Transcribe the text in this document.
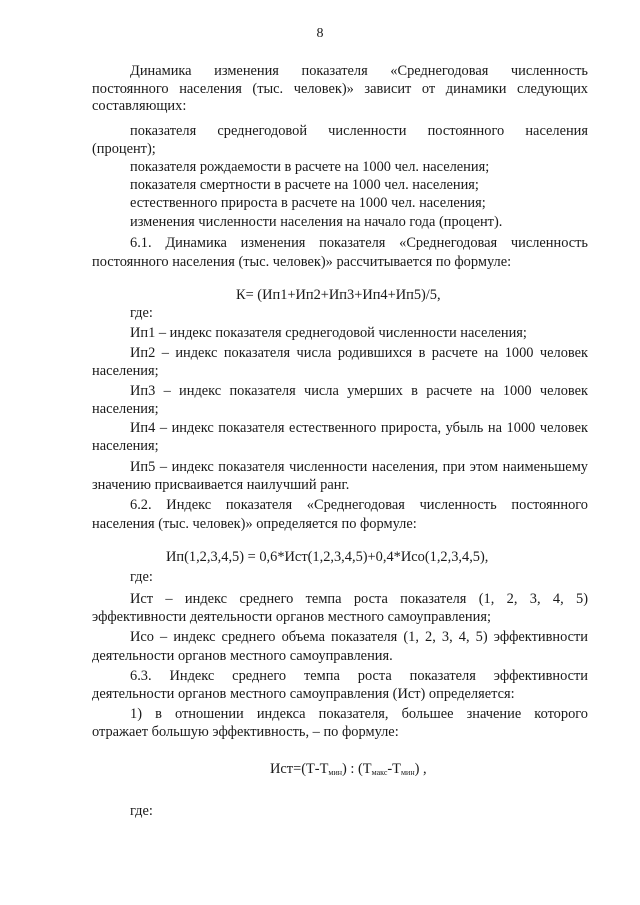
8
Динамика изменения показателя «Среднегодовая численность
постоянного населения (тыс. человек)» зависит от динамики следующих
составляющих:
показателя среднегодовой численности постоянного населения
(процент);
показателя рождаемости в расчете на 1000 чел. населения;
показателя смертности в расчете на 1000 чел. населения;
естественного прироста в расчете на 1000 чел. населения;
изменения численности населения на начало года (процент).
6.1. Динамика изменения показателя «Среднегодовая численность
постоянного населения (тыс. человек)» рассчитывается по формуле:
К= (Ип1+Ип2+Ип3+Ип4+Ип5)/5,
где:
Ип1 – индекс показателя среднегодовой численности населения;
Ип2 – индекс показателя числа родившихся в расчете на 1000 человек
населения;
Ип3 – индекс показателя числа умерших в расчете на 1000 человек
населения;
Ип4 – индекс показателя естественного прироста, убыль на 1000 человек
населения;
Ип5 – индекс показателя численности населения, при этом наименьшему
значению присваивается наилучший ранг.
6.2. Индекс показателя «Среднегодовая численность постоянного
населения (тыс. человек)» определяется по формуле:
Ип(1,2,3,4,5) = 0,6*Ист(1,2,3,4,5)+0,4*Исо(1,2,3,4,5),
где:
Ист – индекс среднего темпа роста показателя (1, 2, 3, 4, 5)
эффективности деятельности органов местного самоуправления;
Исо – индекс среднего объема показателя (1, 2, 3, 4, 5) эффективности
деятельности органов местного самоуправления.
6.3. Индекс среднего темпа роста показателя эффективности
деятельности органов местного самоуправления (Ист) определяется:
1) в отношении индекса показателя, большее значение которого
отражает большую эффективность, – по формуле:
$Ист=(Т-Т_{мин})$ : $(Т_{макс}-Т_{мин})$ ,
где:
